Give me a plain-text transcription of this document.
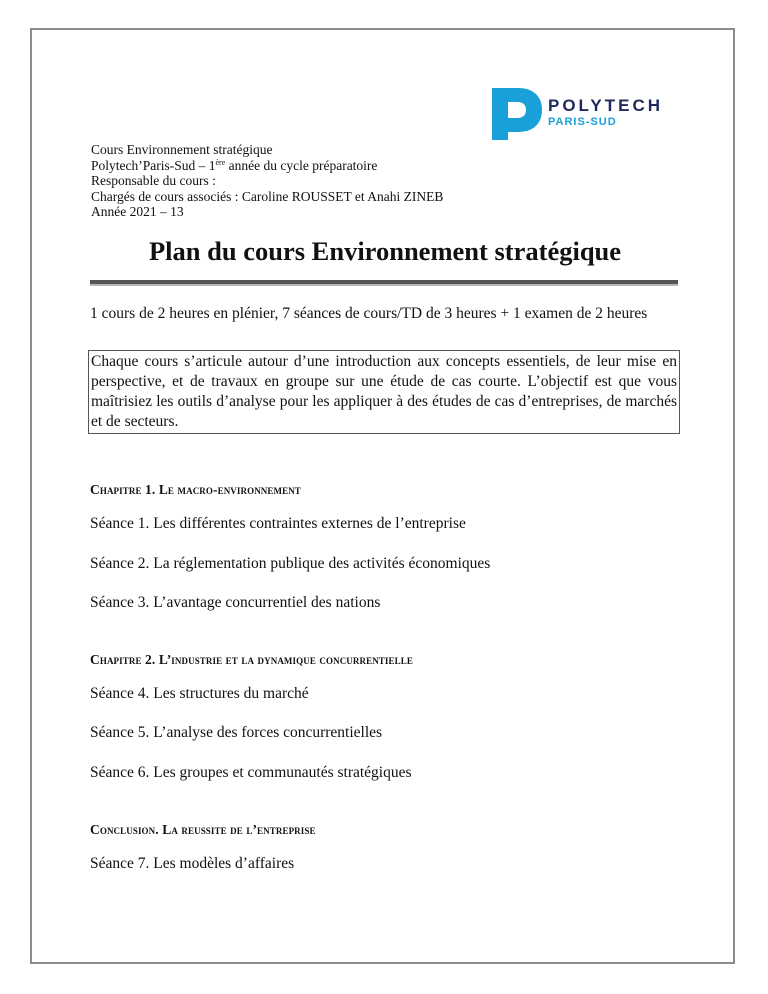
POLYTECH
PARIS-SUD
Cours Environnement stratégique
Polytech’Paris-Sud – 1ère année du cycle préparatoire
Responsable du cours :
Chargés de cours associés : Caroline ROUSSET et Anahi ZINEB
Année 2021 – 13
Plan du cours Environnement stratégique

1 cours de 2 heures en plénier, 7 séances de cours/TD de 3 heures + 1 examen de 2 heures

Chaque cours s’articule autour d’une introduction aux concepts essentiels, de leur mise en perspective, et de travaux en groupe sur une étude de cas courte. L’objectif est que vous maîtrisiez les outils d’analyse pour les appliquer à des études de cas d’entreprises, de marchés et de secteurs.
Chapitre 1. Le macro-environnement

Séance 1. Les différentes contraintes externes de l’entreprise

Séance 2. La réglementation publique des activités économiques

Séance 3. L’avantage concurrentiel des nations

Chapitre 2. L’industrie et la dynamique concurrentielle

Séance 4. Les structures du marché

Séance 5. L’analyse des forces concurrentielles

Séance 6. Les groupes et communautés stratégiques

Conclusion. La reussite de l’entreprise

Séance 7. Les modèles d’affaires
